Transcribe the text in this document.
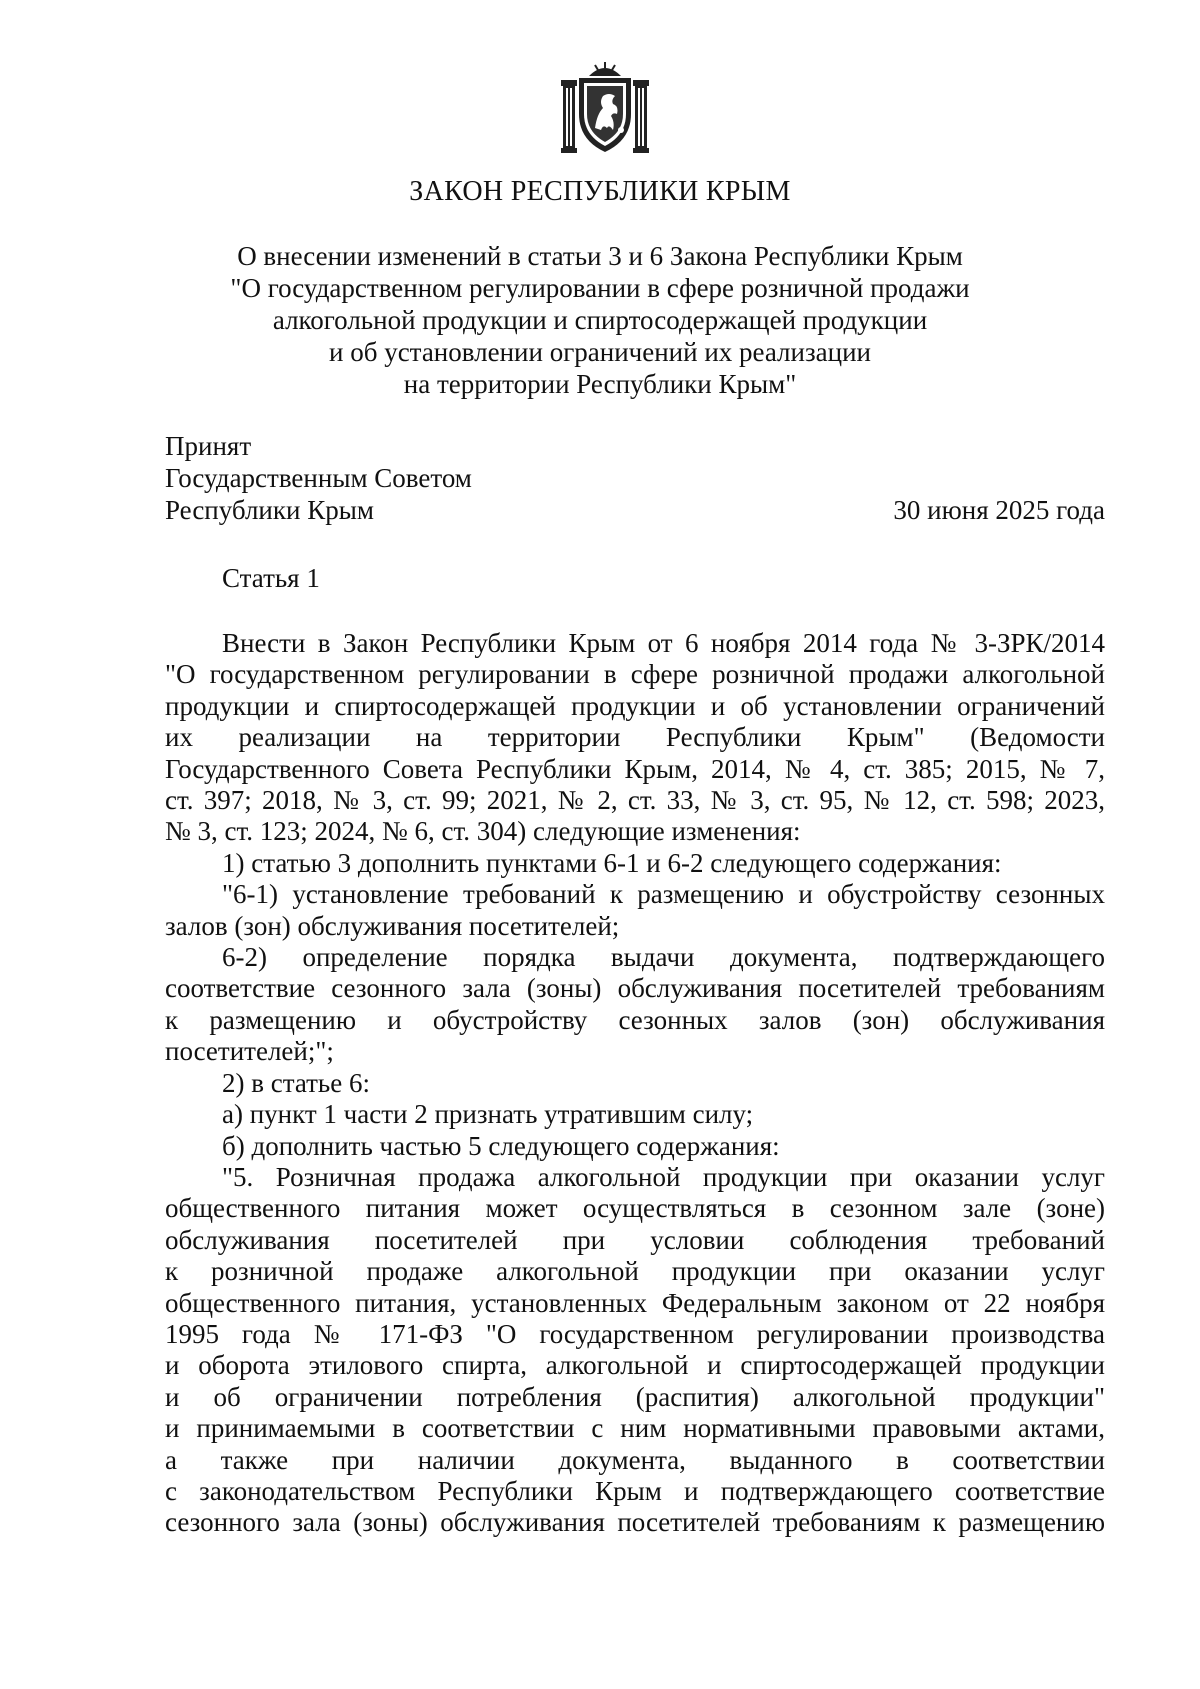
ЗАКОН РЕСПУБЛИКИ КРЫМ
О внесении изменений в статьи 3 и 6 Закона Республики Крым
"О государственном регулировании в сфере розничной продажи
алкогольной продукции и спиртосодержащей продукции
и об установлении ограничений их реализации
на территории Республики Крым"
Принят
Государственным Советом
Республики Крым	30 июня 2025 года
Статья 1
Внести в Закон Республики Крым от 6 ноября 2014 года № 3-ЗРК/2014
"О государственном регулировании в сфере розничной продажи алкогольной
продукции и спиртосодержащей продукции и об установлении ограничений
их реализации на территории Республики Крым" (Ведомости
Государственного Совета Республики Крым, 2014, № 4, ст. 385; 2015, № 7,
ст. 397; 2018, № 3, ст. 99; 2021, № 2, ст. 33, № 3, ст. 95, № 12, ст. 598; 2023,
№ 3, ст. 123; 2024, № 6, ст. 304) следующие изменения:
1) статью 3 дополнить пунктами 6-1 и 6-2 следующего содержания:
"6-1) установление требований к размещению и обустройству сезонных
залов (зон) обслуживания посетителей;
6-2) определение порядка выдачи документа, подтверждающего
соответствие сезонного зала (зоны) обслуживания посетителей требованиям
к размещению и обустройству сезонных залов (зон) обслуживания
посетителей;";
2) в статье 6:
а) пункт 1 части 2 признать утратившим силу;
б) дополнить частью 5 следующего содержания:
"5. Розничная продажа алкогольной продукции при оказании услуг
общественного питания может осуществляться в сезонном зале (зоне)
обслуживания посетителей при условии соблюдения требований
к розничной продаже алкогольной продукции при оказании услуг
общественного питания, установленных Федеральным законом от 22 ноября
1995 года № 171-ФЗ "О государственном регулировании производства
и оборота этилового спирта, алкогольной и спиртосодержащей продукции
и об ограничении потребления (распития) алкогольной продукции"
и принимаемыми в соответствии с ним нормативными правовыми актами,
а также при наличии документа, выданного в соответствии
с законодательством Республики Крым и подтверждающего соответствие
сезонного зала (зоны) обслуживания посетителей требованиям к размещению
